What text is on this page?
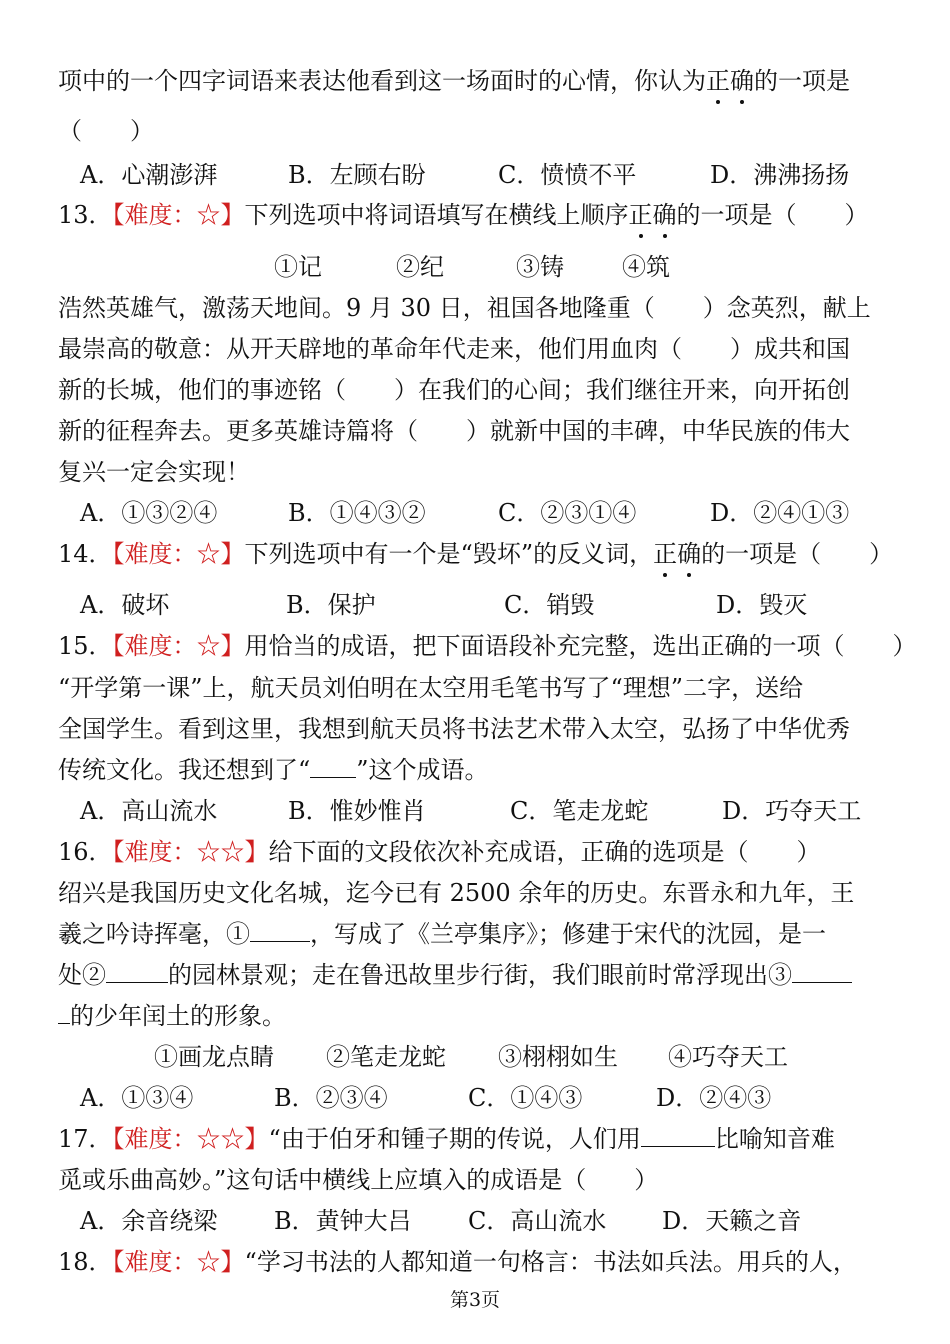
项中的一个四字词语来表达他看到这一场面时的心情，你认为正确的一项是
（　　）
A．心潮澎湃	B．左顾右盼	C．愤愤不平	D．沸沸扬扬
13．【难度：☆】下列选项中将词语填写在横线上顺序正确的一项是（　　）
①记	②纪	③铸 ④筑
浩然英雄气，激荡天地间。9 月 30 日，祖国各地隆重（　　）念英烈，献上
最崇高的敬意：从开天辟地的革命年代走来，他们用血肉（　　）成共和国
新的长城，他们的事迹铭（　　）在我们的心间；我们继往开来，向开拓创
新的征程奔去。更多英雄诗篇将（　　）就新中国的丰碑，中华民族的伟大
复兴一定会实现！
A．①③②④	B．①④③②	C．②③①④	D．②④①③
14．【难度：☆】下列选项中有一个是“毁坏”的反义词，正确的一项是（　　）
A．破坏	B．保护	C．销毁	D．毁灭
15．【难度：☆】用恰当的成语，把下面语段补充完整，选出正确的一项（　　）
“开学第一课”上，航天员刘伯明在太空用毛笔书写了“理想”二字，送给
全国学生。看到这里，我想到航天员将书法艺术带入太空，弘扬了中华优秀
传统文化。我还想到了“ ”这个成语。
A．高山流水	B．惟妙惟肖	C．笔走龙蛇	D．巧夺天工
16．【难度：☆☆】给下面的文段依次补充成语，正确的选项是（　　）
绍兴是我国历史文化名城，迄今已有 2500 余年的历史。东晋永和九年，王
羲之吟诗挥毫，①	，写成了《兰亭集序》；修建于宋代的沈园，是一
处②	的园林景观；走在鲁迅故里步行街，我们眼前时常浮现出③
的少年闰土的形象。
①画龙点睛 ②笔走龙蛇 ③栩栩如生 ④巧夺天工
A．①③④	B．②③④	C．①④③	D．②④③
17．【难度：☆☆】“由于伯牙和锺子期的传说，人们用	比喻知音难
觅或乐曲高妙。”这句话中横线上应填入的成语是（　　）
A．余音绕梁 B．黄钟大吕 C．高山流水 D．天籁之音
18．【难度：☆】“学习书法的人都知道一句格言：书法如兵法。用兵的人，
第3页
